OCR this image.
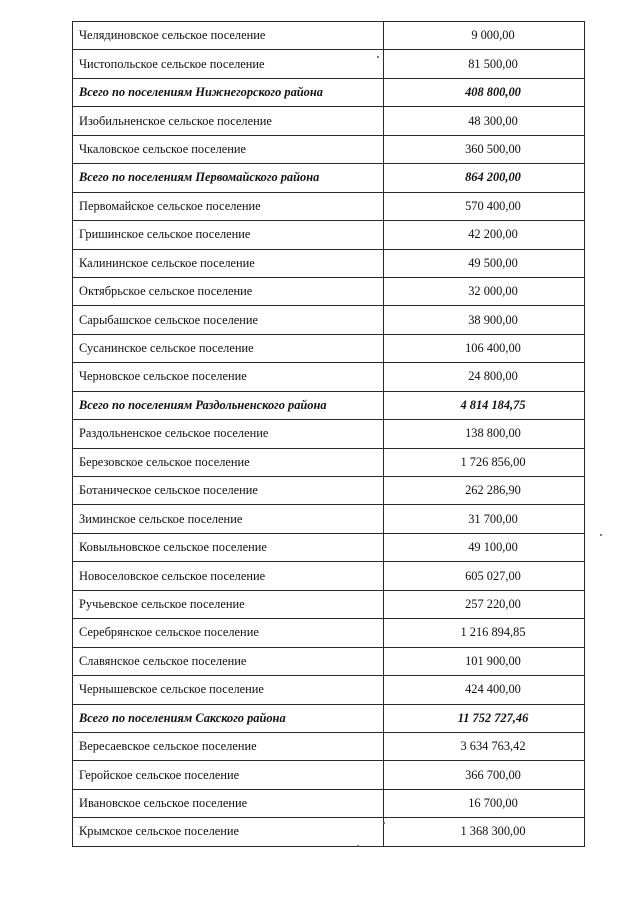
Челядиновское сельское поселение	9 000,00
Чистопольское сельское поселение	81 500,00
Всего по поселениям Нижнегорского района	408 800,00
Изобильненское сельское поселение	48 300,00
Чкаловское сельское поселение	360 500,00
Всего по поселениям Первомайского района	864 200,00
Первомайское сельское поселение	570 400,00
Гришинское сельское поселение	42 200,00
Калининское сельское поселение	49 500,00
Октябрьское сельское поселение	32 000,00
Сарыбашское сельское поселение	38 900,00
Сусанинское сельское поселение	106 400,00
Черновское сельское поселение	24 800,00
Всего по поселениям Раздольненского района	4 814 184,75
Раздольненское сельское поселение	138 800,00
Березовское сельское поселение	1 726 856,00
Ботаническое сельское поселение	262 286,90
Зиминское сельское поселение	31 700,00
Ковыльновское сельское поселение	49 100,00
Новоселовское сельское поселение	605 027,00
Ручьевское сельское поселение	257 220,00
Серебрянское сельское поселение	1 216 894,85
Славянское сельское поселение	101 900,00
Чернышевское сельское поселение	424 400,00
Всего по поселениям Сакского района	11 752 727,46
Вересаевское сельское поселение	3 634 763,42
Геройское сельское поселение	366 700,00
Ивановское сельское поселение	16 700,00
Крымское сельское поселение	1 368 300,00
